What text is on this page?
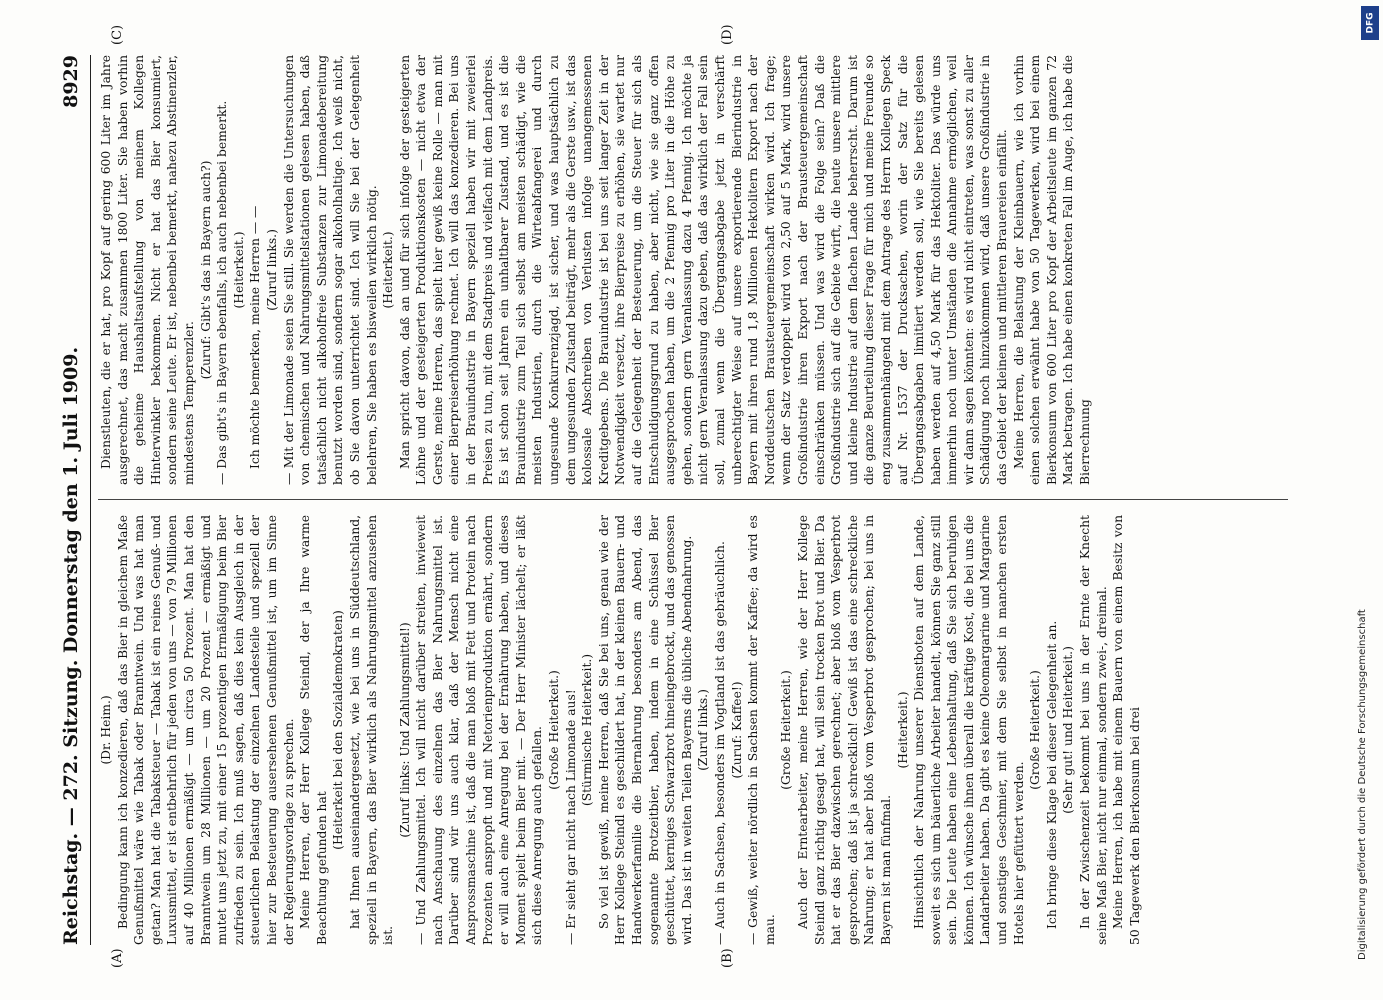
Reichstag. — 272. Sitzung.
Donnerstag den 1. Juli 1909.
8929
(A)	(B)
(C)	(D)

(Dr. Heim.) Bedingung kann ich konzedieren, daß das Bier in gleichem Maße Genußmittel wäre wie Tabak oder Branntwein. Und was hat man getan? Man hat die Tabaksteuer — Tabak ist ein reines Genuß- und Luxusmittel, er ist entbehrlich für jeden von uns — von 79 Millionen auf 40 Millionen ermäßigt — um circa 50 Prozent. Man hat den Branntwein um 28 Millionen — um 20 Prozent — ermäßigt und mutet uns jetzt zu, mit einer 15 prozentigen Ermäßigung beim Bier zufrieden zu sein. Ich muß sagen, daß dies kein Ausgleich in der steuerlichen Belastung der einzelnen Landesteile und speziell der hier zur Besteuerung ausersehenen Genußmittel ist, um im Sinne der Regierungsvorlage zu sprechen. Meine Herren, der Herr Kollege Steindl, der ja Ihre warme Beachtung gefunden hat

(Heiterkeit bei den Sozialdemokraten) hat Ihnen auseinandergesetzt, wie bei uns in Süddeutschland, speziell in Bayern, das Bier wirklich als Nahrungsmittel anzusehen ist.

(Zuruf links: Und Zahlungsmittel!) — Und Zahlungsmittel. Ich will nicht darüber streiten, inwieweit nach Anschauung des einzelnen das Bier Nahrungsmittel ist. Darüber sind wir uns auch klar, daß der Mensch nicht eine Ansprossmaschine ist, daß die man bloß mit Fett und Protein nach Prozenten anspropft und mit Netorienproduktion ernährt, sondern er will auch eine Anregung bei der Ernährung haben, und dieses Moment spielt beim Bier mit. — Der Herr Minister lächelt; er läßt sich diese Anregung auch gefallen. (Große Heiterkeit.) — Er sieht gar nicht nach Limonade aus! (Stürmische Heiterkeit.) So viel ist gewiß, meine Herren, daß Sie bei uns, genau wie der Herr Kollege Steindl es geschildert hat, in der kleinen Bauern- und Handwerkerfamilie die Biernahrung besonders am Abend, das sogenannte Brotzeitbier, haben, indem in eine Schüssel Bier geschüttet, kerniges Schwarzbrot hineingebrockt, und das genossen wird. Das ist in weiten Teilen Bayerns die übliche Abendnahrung. (Zuruf links.) — Auch in Sachsen, besonders im Vogtland ist das gebräuchlich. (Zuruf: Kaffee!) — Gewiß, weiter nördlich in Sachsen kommt der Kaffee; da wird es mau.

(Große Heiterkeit.) Auch der Erntearbeiter, meine Herren, wie der Herr Kollege Steindl ganz richtig gesagt hat, will sein trocken Brot und Bier. Da hat er das Bier dazwischen gerechnet; aber bloß vom Vesperbrot gesprochen; daß ist ja schrecklich! Gewiß ist das eine schreckliche Nahrung; er hat aber bloß vom Vesperbrot gesprochen; bei uns in Bayern ist man fünfmal.

(Heiterkeit.) Hinsichtlich der Nahrung unserer Dienstboten auf dem Lande, soweit es sich um bäuerliche Arbeiter handelt, können Sie ganz still sein. Die Leute haben eine Lebenshaltung, daß Sie sich beruhigen können. Ich wünsche ihnen überall die kräftige Kost, die bei uns die Landarbeiter haben. Da gibt es keine Oleomargarine und Margarine und sonstiges Geschmier, mit dem Sie selbst in manchen ersten Hotels hier gefüttert werden.

(Große Heiterkeit.) Ich bringe diese Klage bei dieser Gelegenheit an. (Sehr gut! und Heiterkeit.) In der Zwischenzeit bekommt bei uns in der Ernte der Knecht seine Maß Bier, nicht nur einmal, sondern zwei-, dreimal. Meine Herren, ich habe mit einem Bauern von einem Besitz von 50 Tagewerk den Bierkonsum bei drei

Dienstleuten, die er hat, pro Kopf auf gering 600 Liter im Jahre ausgerechnet, das macht zusammen 1800 Liter. Sie haben vorhin die geheime Haushaltsaufstellung von meinem Kollegen Hinterwinkler bekommen. Nicht er hat das Bier konsumiert, sondern seine Leute. Er ist, nebenbei bemerkt, nahezu Abstinenzler, mindestens Temperenzler.

(Zuruf: Gibt's das in Bayern auch?) — Das gibt's in Bayern ebenfalls, ich auch nebenbei bemerkt. (Heiterkeit.) Ich möchte bemerken, meine Herren — — (Zuruf links.) — Mit der Limonade seien Sie still. Sie werden die Untersuchungen von chemischen und Nahrungsmittelstationen gelesen haben, daß tatsächlich nicht alkoholfreie Substanzen zur Limonadebereitung benutzt worden sind, sondern sogar alkoholhaltige. Ich weiß nicht, ob Sie davon unterrichtet sind. Ich will Sie bei der Gelegenheit belehren, Sie haben es bisweilen wirklich nötig. (Heiterkeit.) Man spricht davon, daß an und für sich infolge der gesteigerten Löhne und der gesteigerten Produktionskosten — nicht etwa der Gerste, meine Herren, das spielt hier gewiß keine Rolle — man mit einer Bierpreiserhöhung rechnet. Ich will das konzedieren. Bei uns in der Brauindustrie in Bayern speziell haben wir mit zweierlei Preisen zu tun, mit dem Stadtpreis und vielfach mit dem Landpreis. Es ist schon seit Jahren ein unhaltbarer Zustand, und es ist die Brauindustrie zum Teil sich selbst am meisten schädigt, wie die meisten Industrien, durch die Wirteabfangerei und durch ungesunde Konkurrenzjagd, ist sicher, und was hauptsächlich zu dem ungesunden Zustand beiträgt, mehr als die Gerste usw., ist das kolossale Abschreiben von Verlusten infolge unangemessenen Kreditgebens. Die Brauindustrie ist bei uns seit langer Zeit in der Notwendigkeit versetzt, ihre Bierpreise zu erhöhen, sie wartet nur auf die Gelegenheit der Besteuerung, um die Steuer für sich als Entschuldigungsgrund zu haben, aber nicht, wie sie ganz offen ausgesprochen haben, um die 2 Pfennig pro Liter in die Höhe zu gehen, sondern gern Veranlassung dazu 4 Pfennig. Ich möchte ja nicht gern Veranlassung dazu geben, daß das wirklich der Fall sein soll, zumal wenn die Übergangsabgabe jetzt in verschärft unberechtigter Weise auf unsere exportierende Bierindustrie in Bayern mit ihren rund 1,8 Millionen Hektolitern Export nach der Norddeutschen Brausteuergemeinschaft wirken wird. Ich frage; wenn der Satz verdoppelt wird von 2,50 auf 5 Mark, wird unsere Großindustrie ihren Export nach der Brausteuergemeinschaft einschränken müssen. Und was wird die Folge sein? Daß die Großindustrie sich auf die Gebiete wirft, die heute unsere mittlere und kleine Industrie auf dem flachen Lande beherrscht. Darum ist die ganze Beurteilung dieser Frage für mich und meine Freunde so eng zusammenhängend mit dem Antrage des Herrn Kollegen Speck auf Nr. 1537 der Drucksachen, worin der Satz für die Übergangsabgaben limitiert werden soll, wie Sie bereits gelesen haben werden auf 4,50 Mark für das Hektoliter. Das würde uns immerhin noch unter Umständen die Annahme ermöglichen, weil wir dann sagen könnten: es wird nicht eintreten, was sonst zu aller Schädigung noch hinzukommen wird, daß unsere Großindustrie in das Gebiet der kleinen und mittleren Brauereien einfällt. Meine Herren, die Belastung der Kleinbauern, wie ich vorhin einen solchen erwähnt habe von 50 Tagewerken, wird bei einem Bierkonsum von 600 Liter pro Kopf der Arbeitsleute im ganzen 72 Mark betragen. Ich habe einen konkreten Fall im Auge, ich habe die Bierrechnung

DFG
Digitalisierung gefördert durch die Deutsche Forschungsgemeinschaft
